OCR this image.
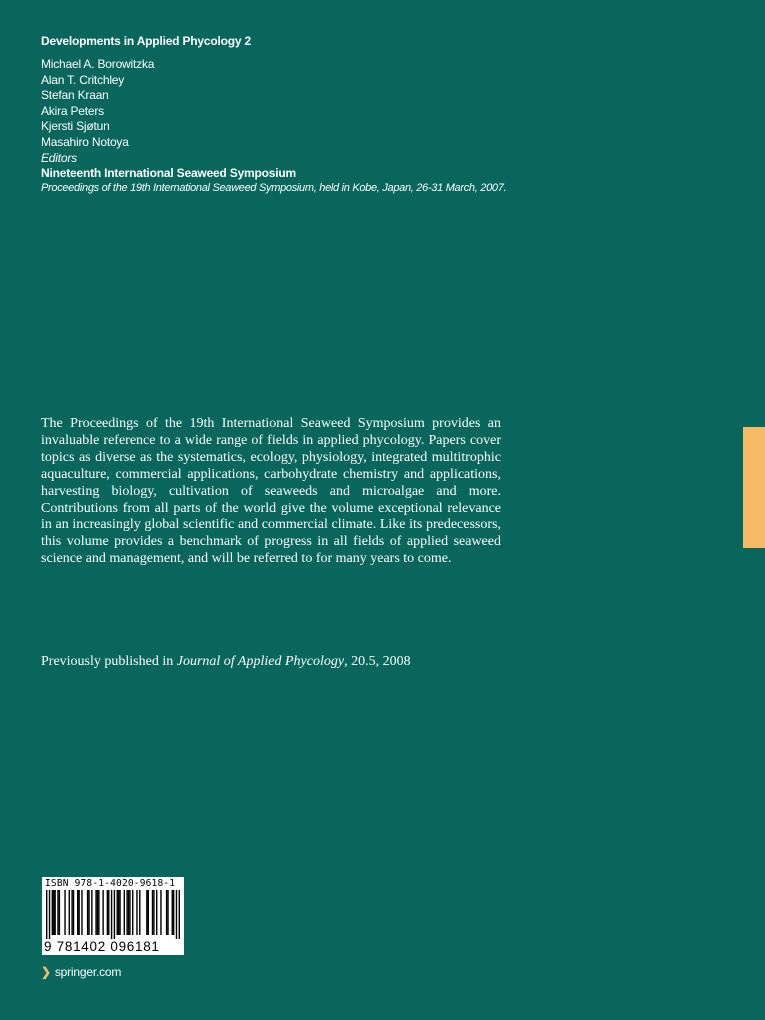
Developments in Applied Phycology 2
Michael A. Borowitzka
Alan T. Critchley
Stefan Kraan
Akira Peters
Kjersti Sjøtun
Masahiro Notoya
Editors
Nineteenth International Seaweed Symposium
Proceedings of the 19th International Seaweed Symposium, held in Kobe, Japan, 26-31 March, 2007.

The Proceedings of the 19th International Seaweed Symposium provides an invaluable reference to a wide range of fields in applied phycology. Papers cover topics as diverse as the systematics, ecology, physiology, integrated multitrophic aquaculture, commercial applications, carbohydrate chemistry and applications, harvesting biology, cultivation of seaweeds and microalgae and more. Contributions from all parts of the world give the volume exceptional relevance in an increasingly global scientific and commercial climate. Like its predecessors, this volume provides a benchmark of progress in all fields of applied seaweed science and management, and will be referred to for many years to come.

Previously published in Journal of Applied Phycology, 20.5, 2008
ISBN 978-1-4020-9618-1
9 781402 096181
❯ springer.com
